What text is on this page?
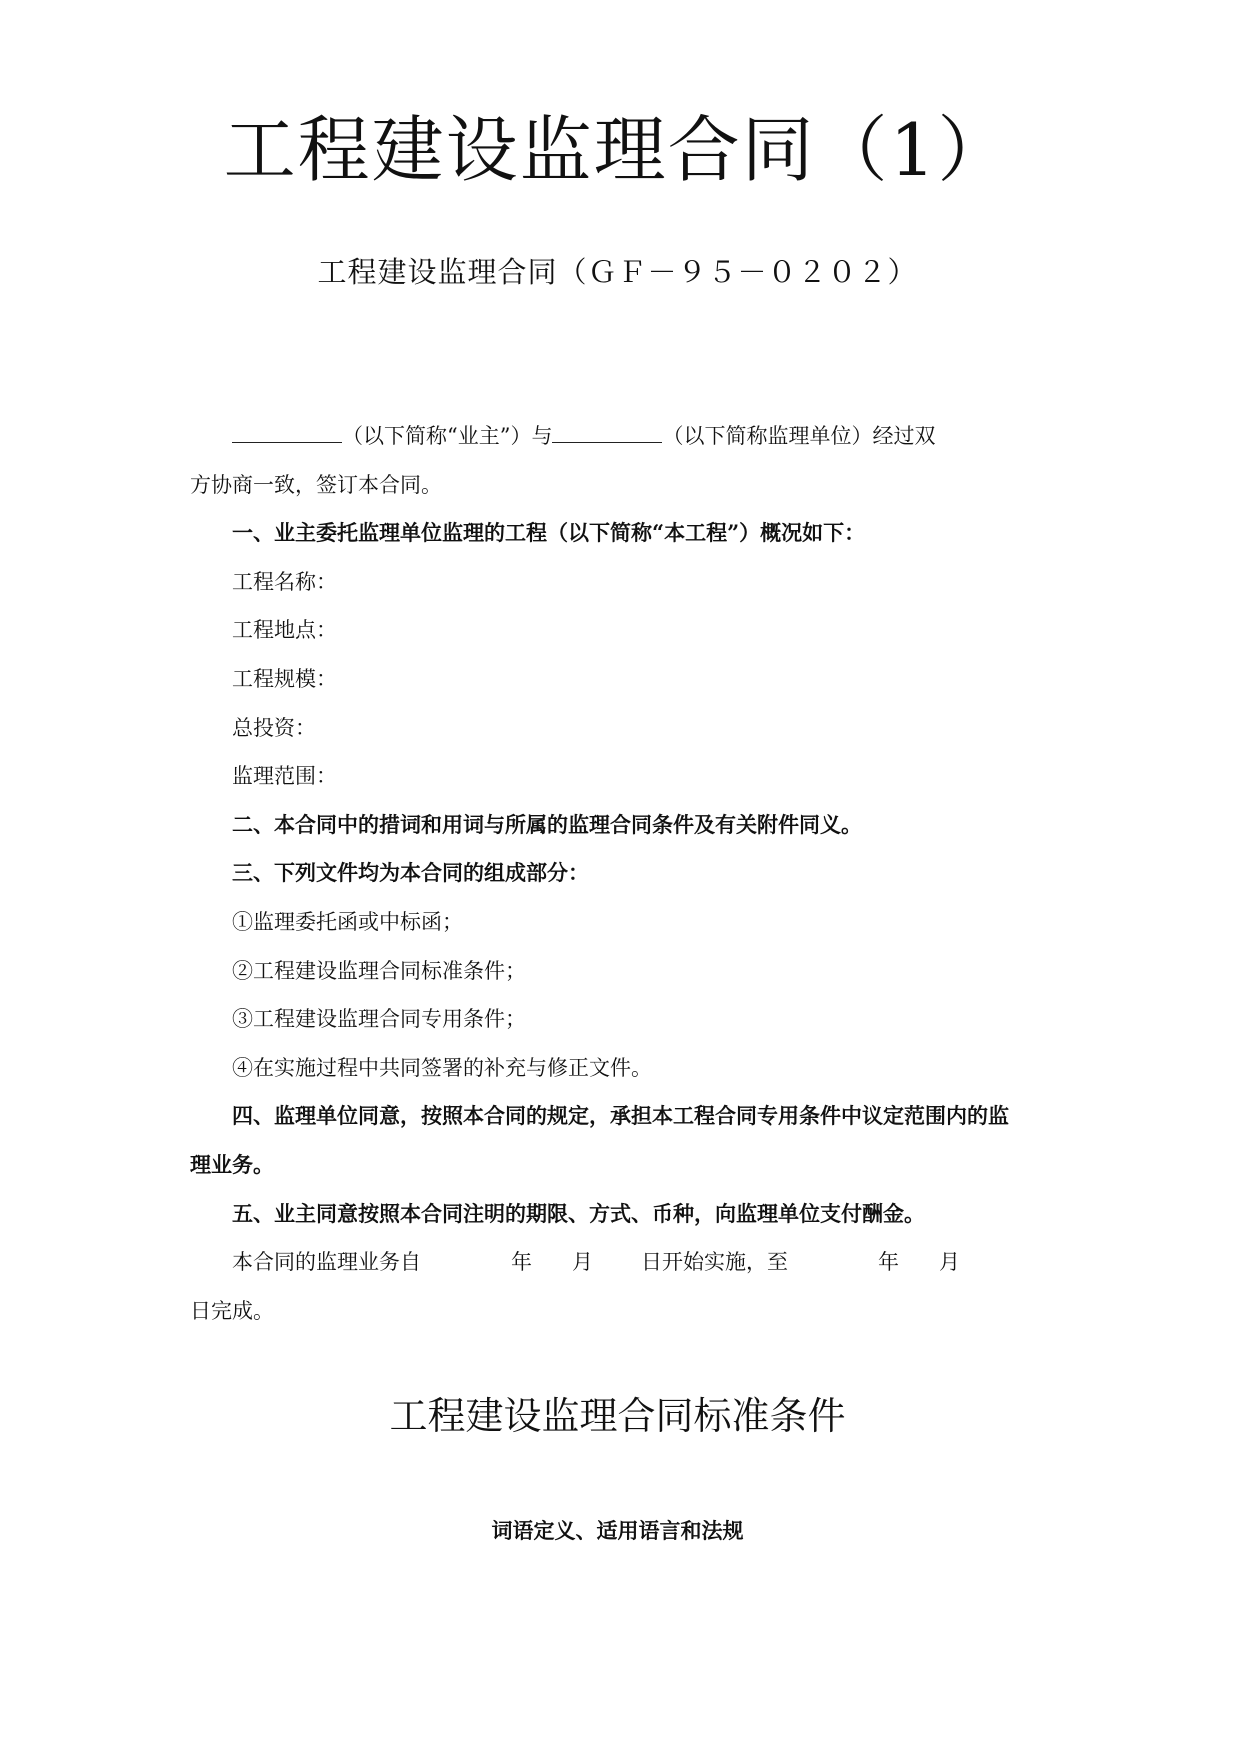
工程建设监理合同（1）
工程建设监理合同（ＧＦ－９５－０２０２）
（以下简称“业主”）与	（以下简称监理单位）经过双
方协商一致，签订本合同。
一、业主委托监理单位监理的工程（以下简称“本工程”）概况如下：
工程名称：
工程地点：
工程规模：
总投资：
监理范围：
二、本合同中的措词和用词与所属的监理合同条件及有关附件同义。
三、下列文件均为本合同的组成部分：
①监理委托函或中标函；
②工程建设监理合同标准条件；
③工程建设监理合同专用条件；
④在实施过程中共同签署的补充与修正文件。
四、监理单位同意，按照本合同的规定，承担本工程合同专用条件中议定范围内的监
理业务。
五、业主同意按照本合同注明的期限、方式、币种，向监理单位支付酬金。
本合同的监理业务自	年 月 日开始实施，至	年 月
日完成。
工程建设监理合同标准条件
词语定义、适用语言和法规
